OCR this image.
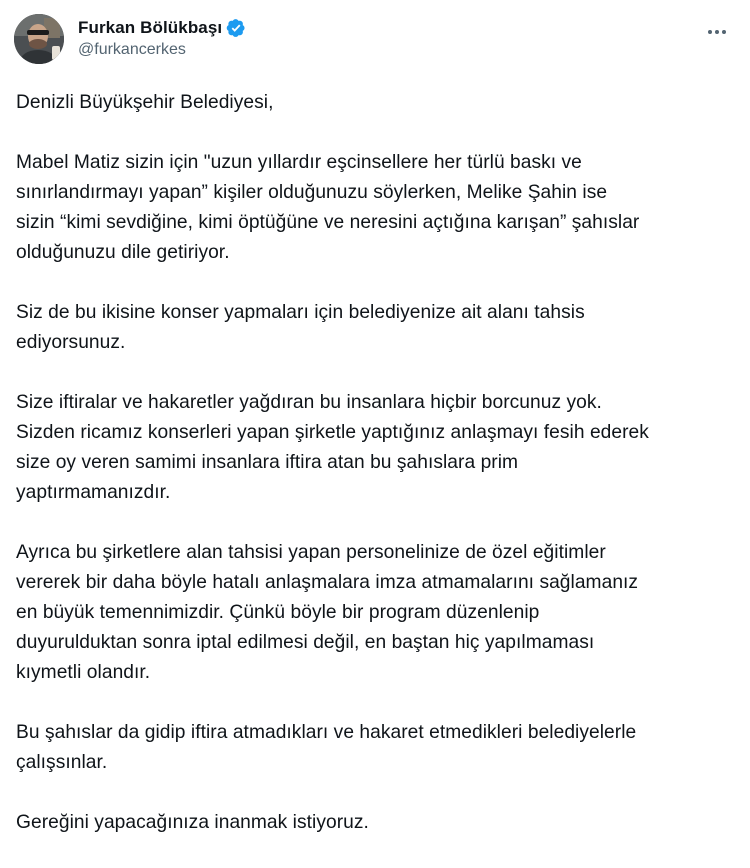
Furkan Bölükbaşı
@furkancerkes

Denizli Büyükşehir Belediyesi,

Mabel Matiz sizin için "uzun yıllardır eşcinsellere her türlü baskı ve
sınırlandırmayı yapan” kişiler olduğunuzu söylerken, Melike Şahin ise
sizin “kimi sevdiğine, kimi öptüğüne ve neresini açtığına karışan” şahıslar
olduğunuzu dile getiriyor.

Siz de bu ikisine konser yapmaları için belediyenize ait alanı tahsis
ediyorsunuz.

Size iftiralar ve hakaretler yağdıran bu insanlara hiçbir borcunuz yok.
Sizden ricamız konserleri yapan şirketle yaptığınız anlaşmayı fesih ederek
size oy veren samimi insanlara iftira atan bu şahıslara prim
yaptırmamanızdır.

Ayrıca bu şirketlere alan tahsisi yapan personelinize de özel eğitimler
vererek bir daha böyle hatalı anlaşmalara imza atmamalarını sağlamanız
en büyük temennimizdir. Çünkü böyle bir program düzenlenip
duyurulduktan sonra iptal edilmesi değil, en baştan hiç yapılmaması
kıymetli olandır.

Bu şahıslar da gidip iftira atmadıkları ve hakaret etmedikleri belediyelerle
çalışsınlar.

Gereğini yapacağınıza inanmak istiyoruz.
